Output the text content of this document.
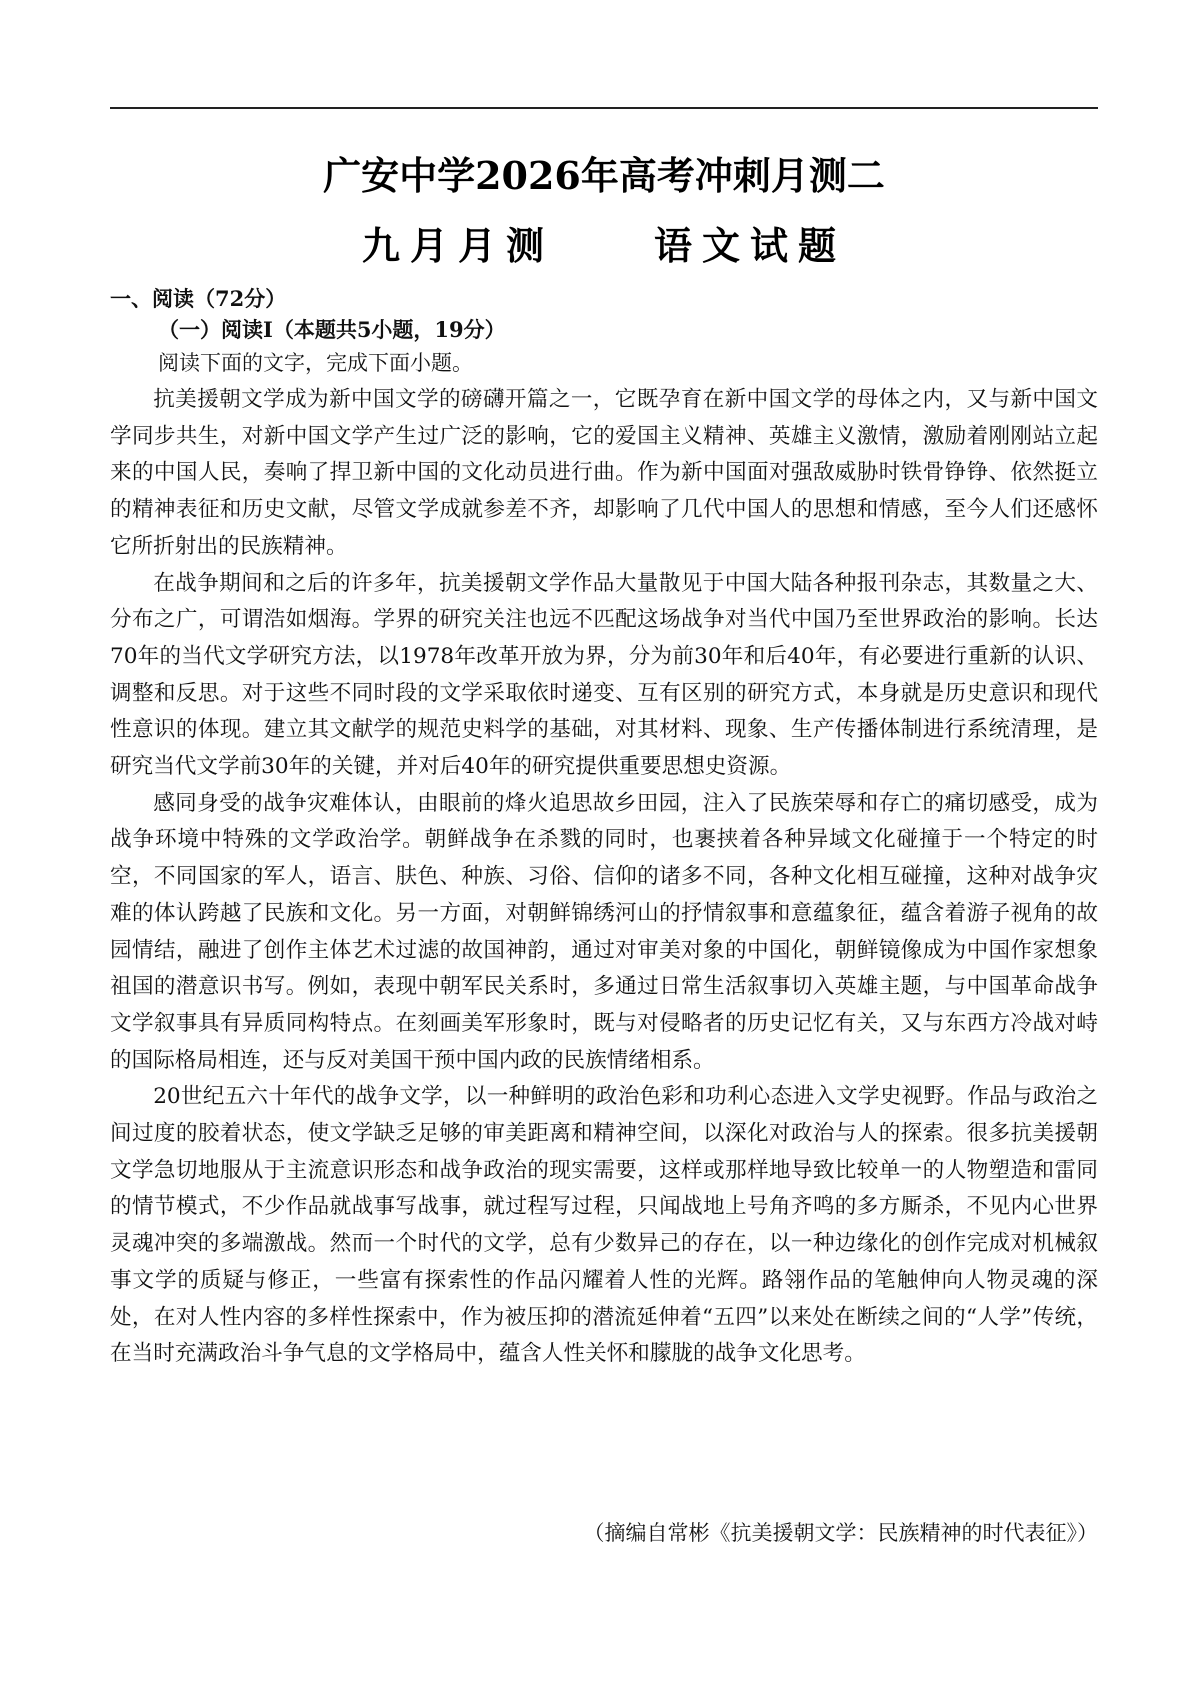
广安中学2026年高考冲刺月测二
九月月测	语文试题
一、阅读（72分）
（一）阅读I（本题共5小题，19分）
阅读下面的文字，完成下面小题。

抗美援朝文学成为新中国文学的磅礴开篇之一，它既孕育在新中国文学的母体之内，又与新中国文学同步共生，对新中国文学产生过广泛的影响，它的爱国主义精神、英雄主义激情，激励着刚刚站立起来的中国人民，奏响了捍卫新中国的文化动员进行曲。作为新中国面对强敌威胁时铁骨铮铮、依然挺立的精神表征和历史文献，尽管文学成就参差不齐，却影响了几代中国人的思想和情感，至今人们还感怀它所折射出的民族精神。

在战争期间和之后的许多年，抗美援朝文学作品大量散见于中国大陆各种报刊杂志，其数量之大、分布之广，可谓浩如烟海。学界的研究关注也远不匹配这场战争对当代中国乃至世界政治的影响。长达70年的当代文学研究方法，以1978年改革开放为界，分为前30年和后40年，有必要进行重新的认识、调整和反思。对于这些不同时段的文学采取依时递变、互有区别的研究方式，本身就是历史意识和现代性意识的体现。建立其文献学的规范史料学的基础，对其材料、现象、生产传播体制进行系统清理，是研究当代文学前30年的关键，并对后40年的研究提供重要思想史资源。

感同身受的战争灾难体认，由眼前的烽火追思故乡田园，注入了民族荣辱和存亡的痛切感受，成为战争环境中特殊的文学政治学。朝鲜战争在杀戮的同时，也裹挟着各种异域文化碰撞于一个特定的时空，不同国家的军人，语言、肤色、种族、习俗、信仰的诸多不同，各种文化相互碰撞，这种对战争灾难的体认跨越了民族和文化。另一方面，对朝鲜锦绣河山的抒情叙事和意蕴象征，蕴含着游子视角的故园情结，融进了创作主体艺术过滤的故国神韵，通过对审美对象的中国化，朝鲜镜像成为中国作家想象祖国的潜意识书写。例如，表现中朝军民关系时，多通过日常生活叙事切入英雄主题，与中国革命战争文学叙事具有异质同构特点。在刻画美军形象时，既与对侵略者的历史记忆有关，又与东西方冷战对峙的国际格局相连，还与反对美国干预中国内政的民族情绪相系。

20世纪五六十年代的战争文学，以一种鲜明的政治色彩和功利心态进入文学史视野。作品与政治之间过度的胶着状态，使文学缺乏足够的审美距离和精神空间，以深化对政治与人的探索。很多抗美援朝文学急切地服从于主流意识形态和战争政治的现实需要，这样或那样地导致比较单一的人物塑造和雷同的情节模式，不少作品就战事写战事，就过程写过程，只闻战地上号角齐鸣的多方厮杀，不见内心世界灵魂冲突的多端激战。然而一个时代的文学，总有少数异己的存在，以一种边缘化的创作完成对机械叙事文学的质疑与修正，一些富有探索性的作品闪耀着人性的光辉。路翎作品的笔触伸向人物灵魂的深处，在对人性内容的多样性探索中，作为被压抑的潜流延伸着“五四”以来处在断续之间的“人学”传统，在当时充满政治斗争气息的文学格局中，蕴含人性关怀和朦胧的战争文化思考。

（摘编自常彬《抗美援朝文学：民族精神的时代表征》）
